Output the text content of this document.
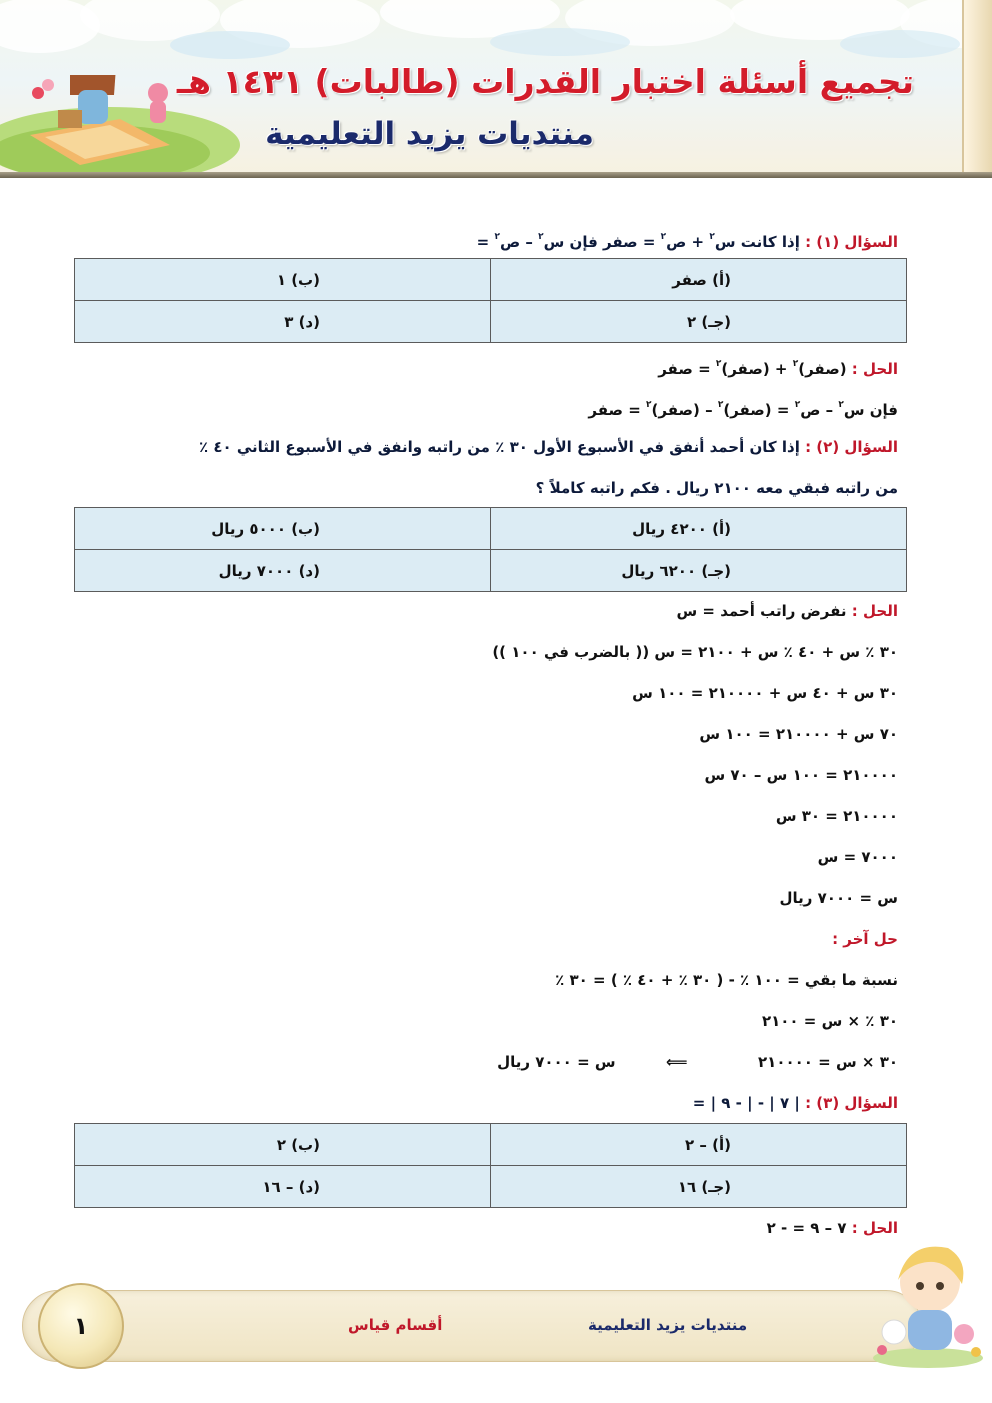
تجميع أسئلة اختبار القدرات (طالبات) ١٤٣١ هـ
منتديات يزيد التعليمية
السؤال (١) : إذا كانت س$^٢$ + ص$^٢$ = صفر فإن س$^٢$ – ص$^٢$ =
(أ) صفر	(ب) ١
(جـ) ٢	(د) ٣
الحل : (صفر)$^٢$ + (صفر)$^٢$ = صفر
فإن س$^٢$ – ص$^٢$ = (صفر)$^٢$ – (صفر)$^٢$ = صفر
السؤال (٢) : إذا كان أحمد أنفق في الأسبوع الأول ٣٠ ٪ من راتبه وانفق في الأسبوع الثاني ٤٠ ٪
من راتبه فبقي معه ٢١٠٠ ريال . فكم راتبه كاملاً ؟
(أ) ٤٢٠٠ ريال	(ب) ٥٠٠٠ ريال
(جـ) ٦٢٠٠ ريال	(د) ٧٠٠٠ ريال
الحل : نفرض راتب أحمد = س
٣٠ ٪ س + ٤٠ ٪ س + ٢١٠٠ = س (( بالضرب في ١٠٠ ))
٣٠ س + ٤٠ س + ٢١٠٠٠٠ = ١٠٠ س
٧٠ س + ٢١٠٠٠٠ = ١٠٠ س
٢١٠٠٠٠ = ١٠٠ س – ٧٠ س
٢١٠٠٠٠ = ٣٠ س
٧٠٠٠ = س
س = ٧٠٠٠ ريال
حل آخر :
نسبة ما بقي = ١٠٠ ٪ - ( ٣٠ ٪ + ٤٠ ٪ ) = ٣٠ ٪
٣٠ ٪ × س = ٢١٠٠
٣٠ × س = ٢١٠٠٠٠  ⟸  س = ٧٠٠٠ ريال
السؤال (٣) : | ٧ | - | - ٩ | =
(أ) – ٢	(ب) ٢
(جـ) ١٦	(د) – ١٦
الحل : ٧ – ٩ = - ٢
١	أقسام قياس	منتديات يزيد التعليمية
